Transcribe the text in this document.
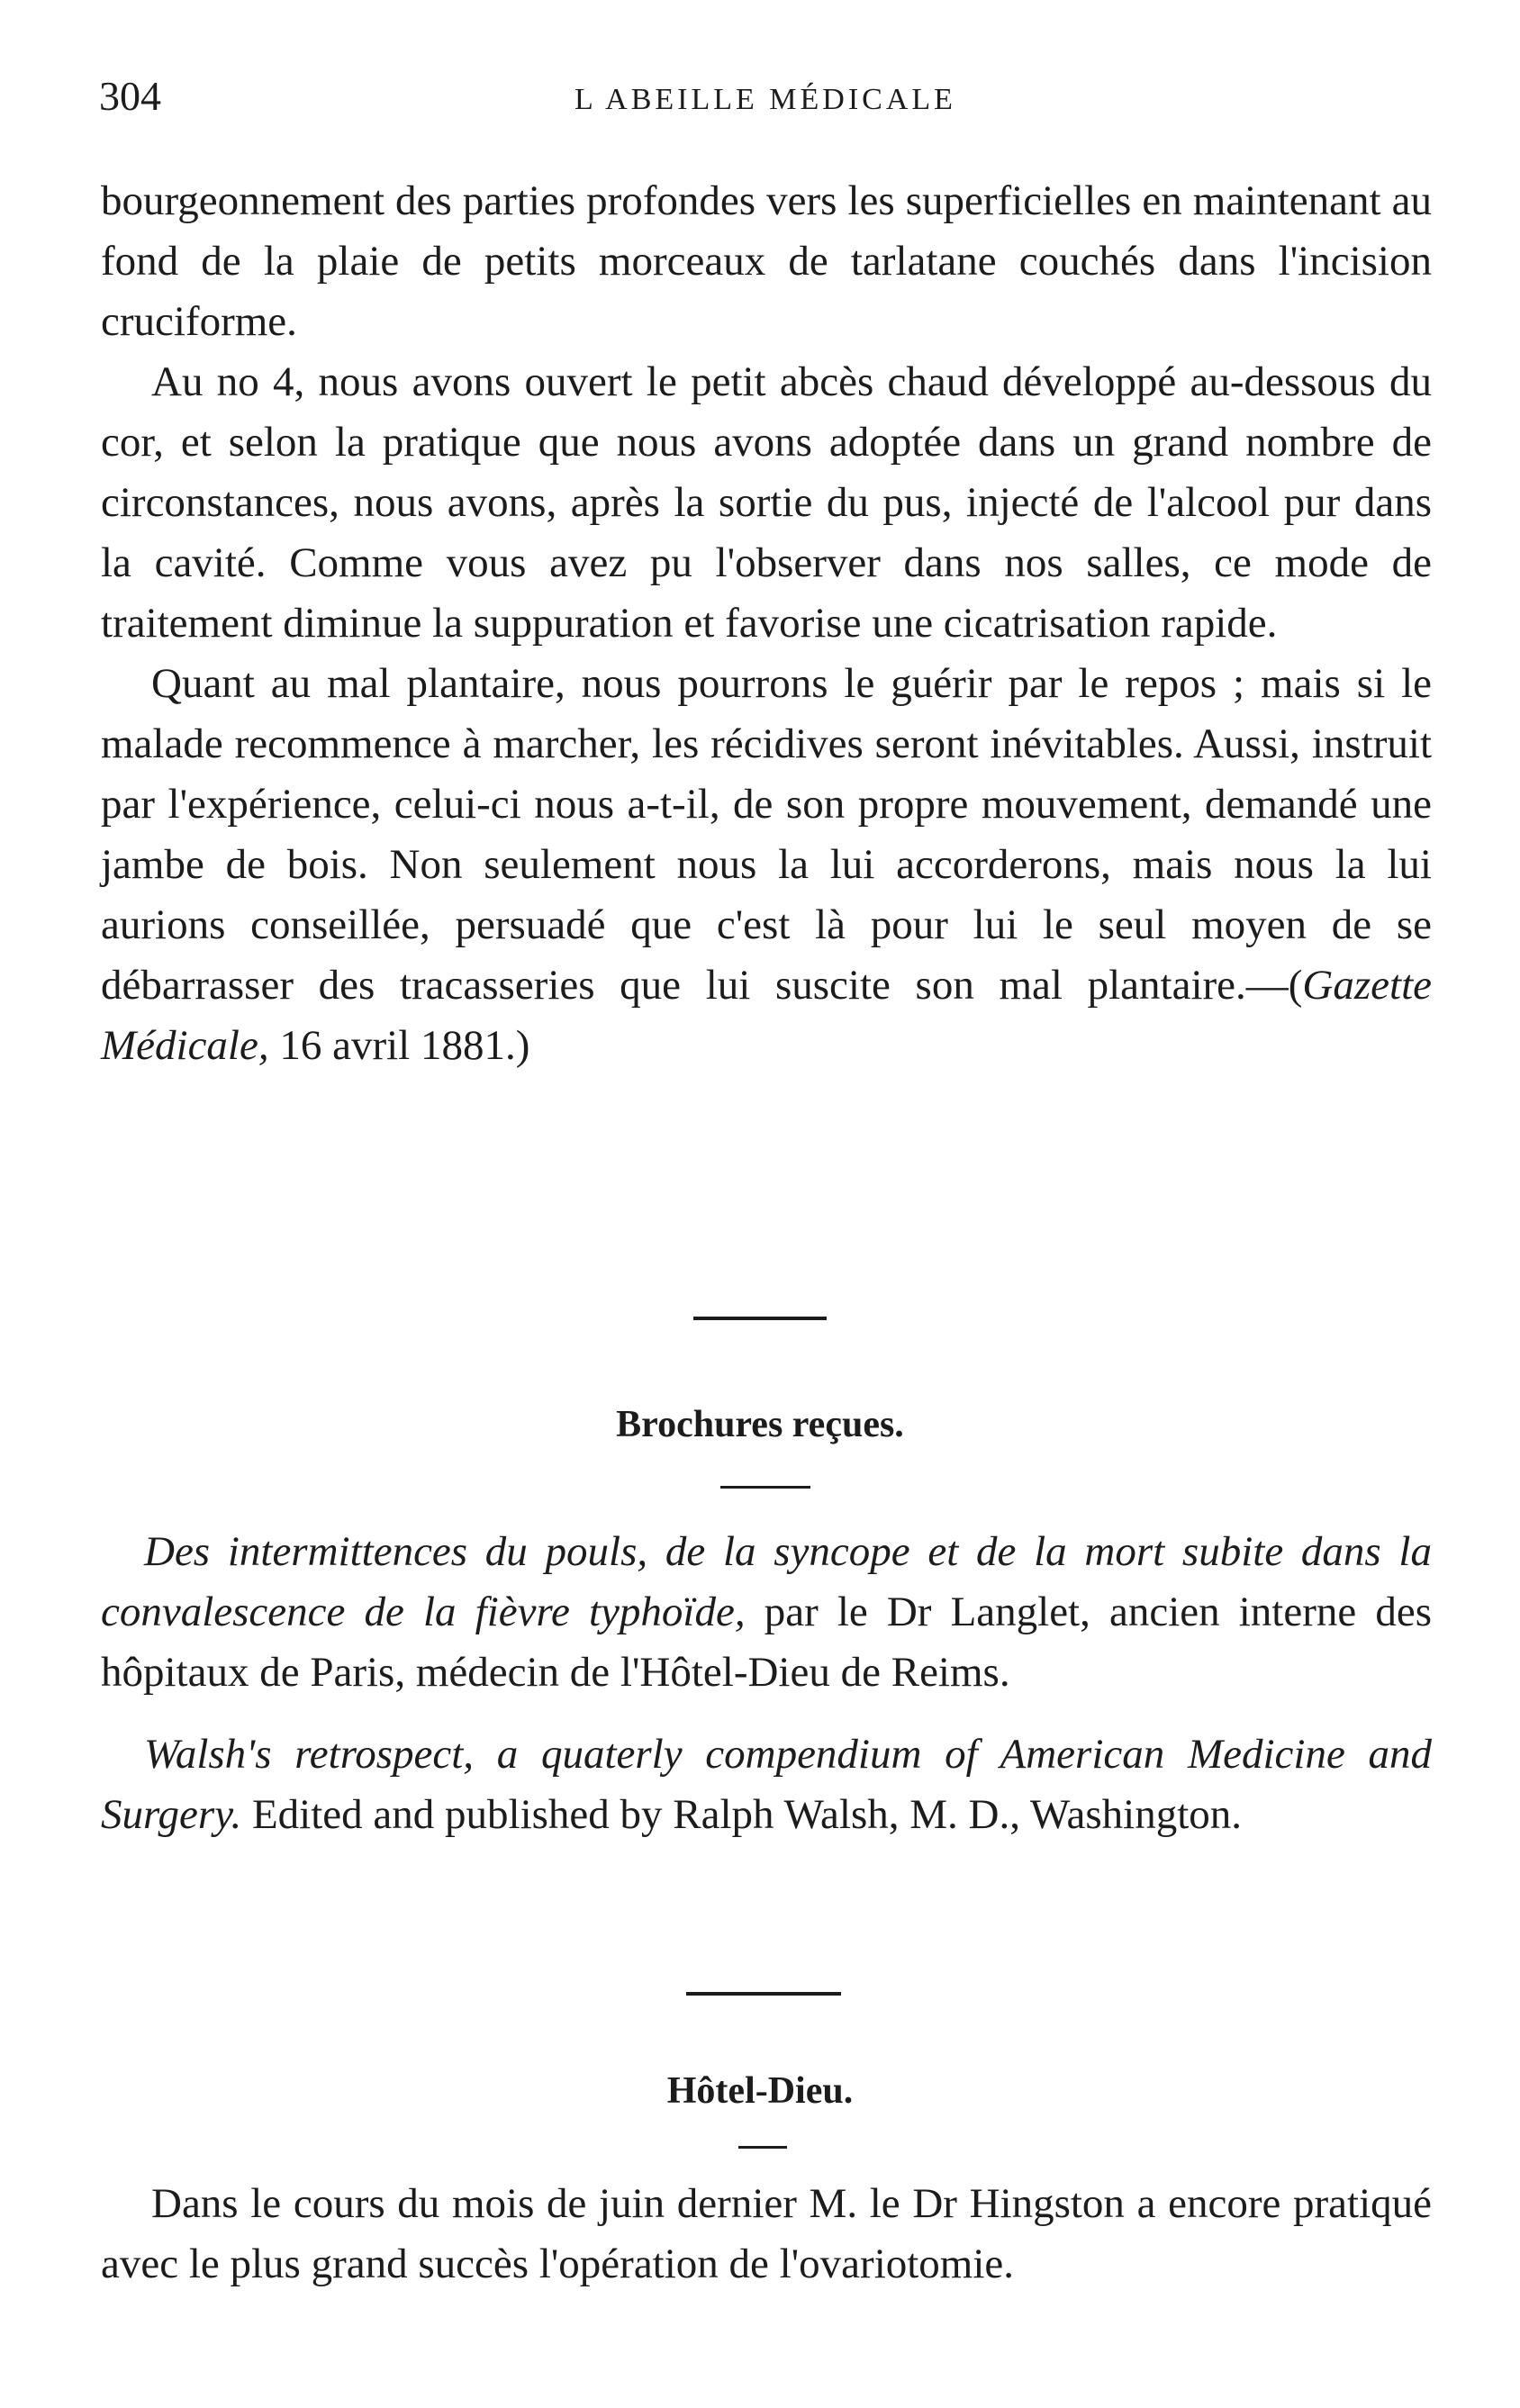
304	L ABEILLE MÉDICALE

bourgeonnement des parties profondes vers les superficielles en maintenant au fond de la plaie de petits morceaux de tarlatane couchés dans l'incision cruciforme.

Au no 4, nous avons ouvert le petit abcès chaud développé au-dessous du cor, et selon la pratique que nous avons adoptée dans un grand nombre de circonstances, nous avons, après la sortie du pus, injecté de l'alcool pur dans la cavité. Comme vous avez pu l'observer dans nos salles, ce mode de traitement diminue la suppuration et favorise une cicatrisation rapide.

Quant au mal plantaire, nous pourrons le guérir par le repos ; mais si le malade recommence à marcher, les récidives seront inévitables. Aussi, instruit par l'expérience, celui-ci nous a-t-il, de son propre mouvement, demandé une jambe de bois. Non seulement nous la lui accorderons, mais nous la lui aurions conseillée, persuadé que c'est là pour lui le seul moyen de se débarrasser des tracasseries que lui suscite son mal plantaire.—(Gazette Médicale, 16 avril 1881.)

Brochures reçues.

Des intermittences du pouls, de la syncope et de la mort subite dans la convalescence de la fièvre typhoïde, par le Dr Langlet, ancien interne des hôpitaux de Paris, médecin de l'Hôtel-Dieu de Reims.

Walsh's retrospect, a quaterly compendium of American Medicine and Surgery. Edited and published by Ralph Walsh, M. D., Washington.

Hôtel-Dieu.

Dans le cours du mois de juin dernier M. le Dr Hingston a encore pratiqué avec le plus grand succès l'opération de l'ovariotomie.
